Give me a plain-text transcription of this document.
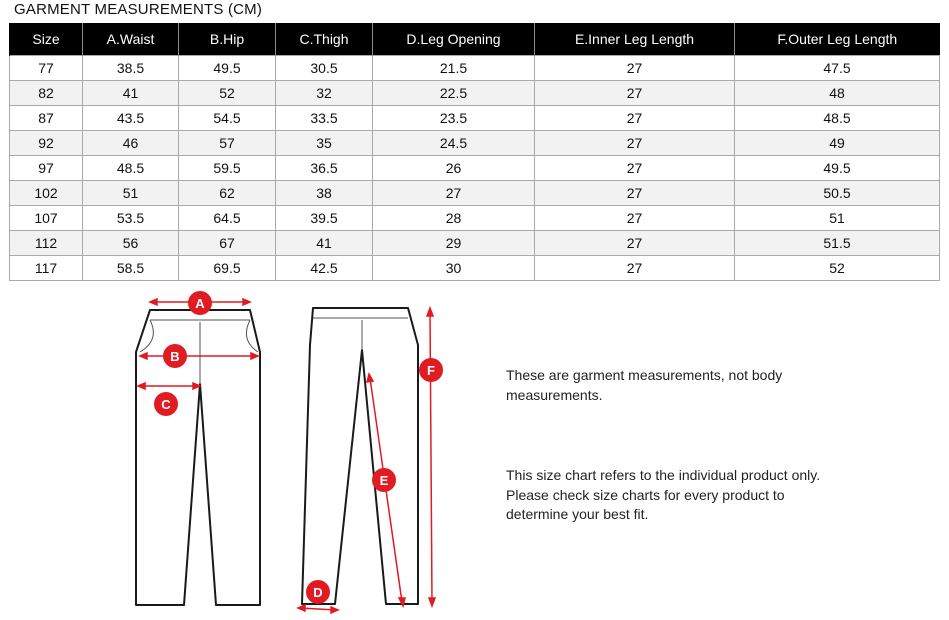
GARMENT MEASUREMENTS (CM)
Size	A.Waist	B.Hip	C.Thigh	D.Leg Opening	E.Inner Leg Length	F.Outer Leg Length
77	38.5	49.5	30.5	21.5	27	47.5
82	41	52	32	22.5	27	48
87	43.5	54.5	33.5	23.5	27	48.5
92	46	57	35	24.5	27	49
97	48.5	59.5	36.5	26	27	49.5
102	51	62	38	27	27	50.5
107	53.5	64.5	39.5	28	27	51
112	56	67	41	29	27	51.5
117	58.5	69.5	42.5	30	27	52
A
B
C
D
E
F	These are garment measurements, not body measurements.
This size chart refers to the individual product only. Please check size charts for every product to determine your best fit.
